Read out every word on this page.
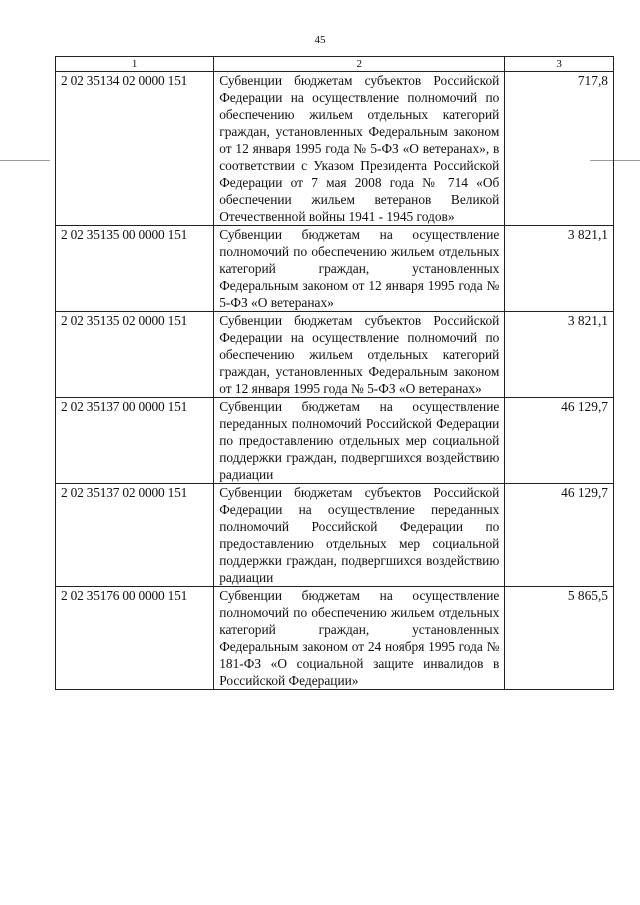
45
1	2	3
2 02 35134 02 0000 151	Субвенции бюджетам субъектов Российской Федерации на осуществление полномочий по обеспечению жильем отдельных категорий граждан, установленных Федеральным законом от 12 января 1995 года № 5-ФЗ «О ветеранах», в соответствии с Указом Президента Российской Федерации от 7 мая 2008 года № 714 «Об обеспечении жильем ветеранов Великой Отечественной войны 1941 - 1945 годов»	717,8
2 02 35135 00 0000 151	Субвенции бюджетам на осуществление полномочий по обеспечению жильем отдельных категорий граждан, установленных Федеральным законом от 12 января 1995 года № 5-ФЗ «О ветеранах»	3 821,1
2 02 35135 02 0000 151	Субвенции бюджетам субъектов Российской Федерации на осуществление полномочий по обеспечению жильем отдельных категорий граждан, установленных Федеральным законом от 12 января 1995 года № 5-ФЗ «О ветеранах»	3 821,1
2 02 35137 00 0000 151	Субвенции бюджетам на осуществление переданных полномочий Российской Федерации по предоставлению отдельных мер социальной поддержки граждан, подвергшихся воздействию радиации	46 129,7
2 02 35137 02 0000 151	Субвенции бюджетам субъектов Российской Федерации на осуществление переданных полномочий Российской Федерации по предоставлению отдельных мер социальной поддержки граждан, подвергшихся воздействию радиации	46 129,7
2 02 35176 00 0000 151	Субвенции бюджетам на осуществление полномочий по обеспечению жильем отдельных категорий граждан, установленных Федеральным законом от 24 ноября 1995 года № 181-ФЗ «О социальной защите инвалидов в Российской Федерации»	5 865,5
